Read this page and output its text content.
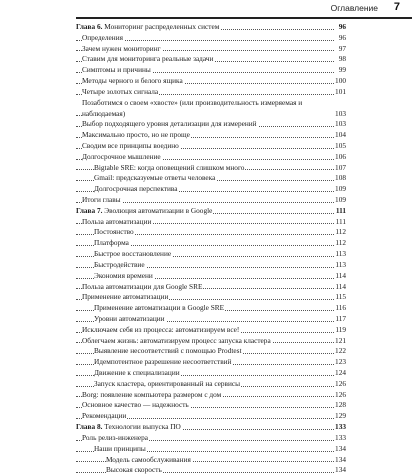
Оглавление 7
Глава 6. Мониторинг распределенных систем	96
Определения	96
Зачем нужен мониторинг	97
Ставим для мониторинга реальные задачи	98
Симптомы и причины	99
Методы черного и белого ящика	100
Четыре золотых сигнала	101
Позаботимся о своем «хвосте» (или производительность измеряемая и наблюдаемая)	103
Выбор подходящего уровня детализации для измерений	103
Максимально просто, но не проще	104
Сводим все принципы воедино	105
Долгосрочное мышление	106
Bigtable SRE: когда оповещений слишком много	107
Gmail: предсказуемые ответы человека	108
Долгосрочная перспектива	109
Итоги главы	109
Глава 7. Эволюция автоматизации в Google	111
Польза автоматизации	111
Постоянство	112
Платформа	112
Быстрое восстановление	113
Быстродействие	113
Экономия времени	114
Польза автоматизации для Google SRE	114
Применение автоматизации	115
Применение автоматизации в Google SRE	116
Уровни автоматизации	117
Исключаем себя из процесса: автоматизируем все!	119
Облегчаем жизнь: автоматизируем процесс запуска кластера	121
Выявление несоответствий с помощью Prodtest	122
Идемпотентное разрешение несоответствий	123
Движение к специализации	124
Запуск кластера, ориентированный на сервисы	126
Borg: появление компьютера размером с дом	126
Основное качество — надежность	128
Рекомендации	129
Глава 8. Технологии выпуска ПО	133
Роль релиз-инженера	133
Наши принципы	134
Модель самообслуживания	134
Высокая скорость	134
